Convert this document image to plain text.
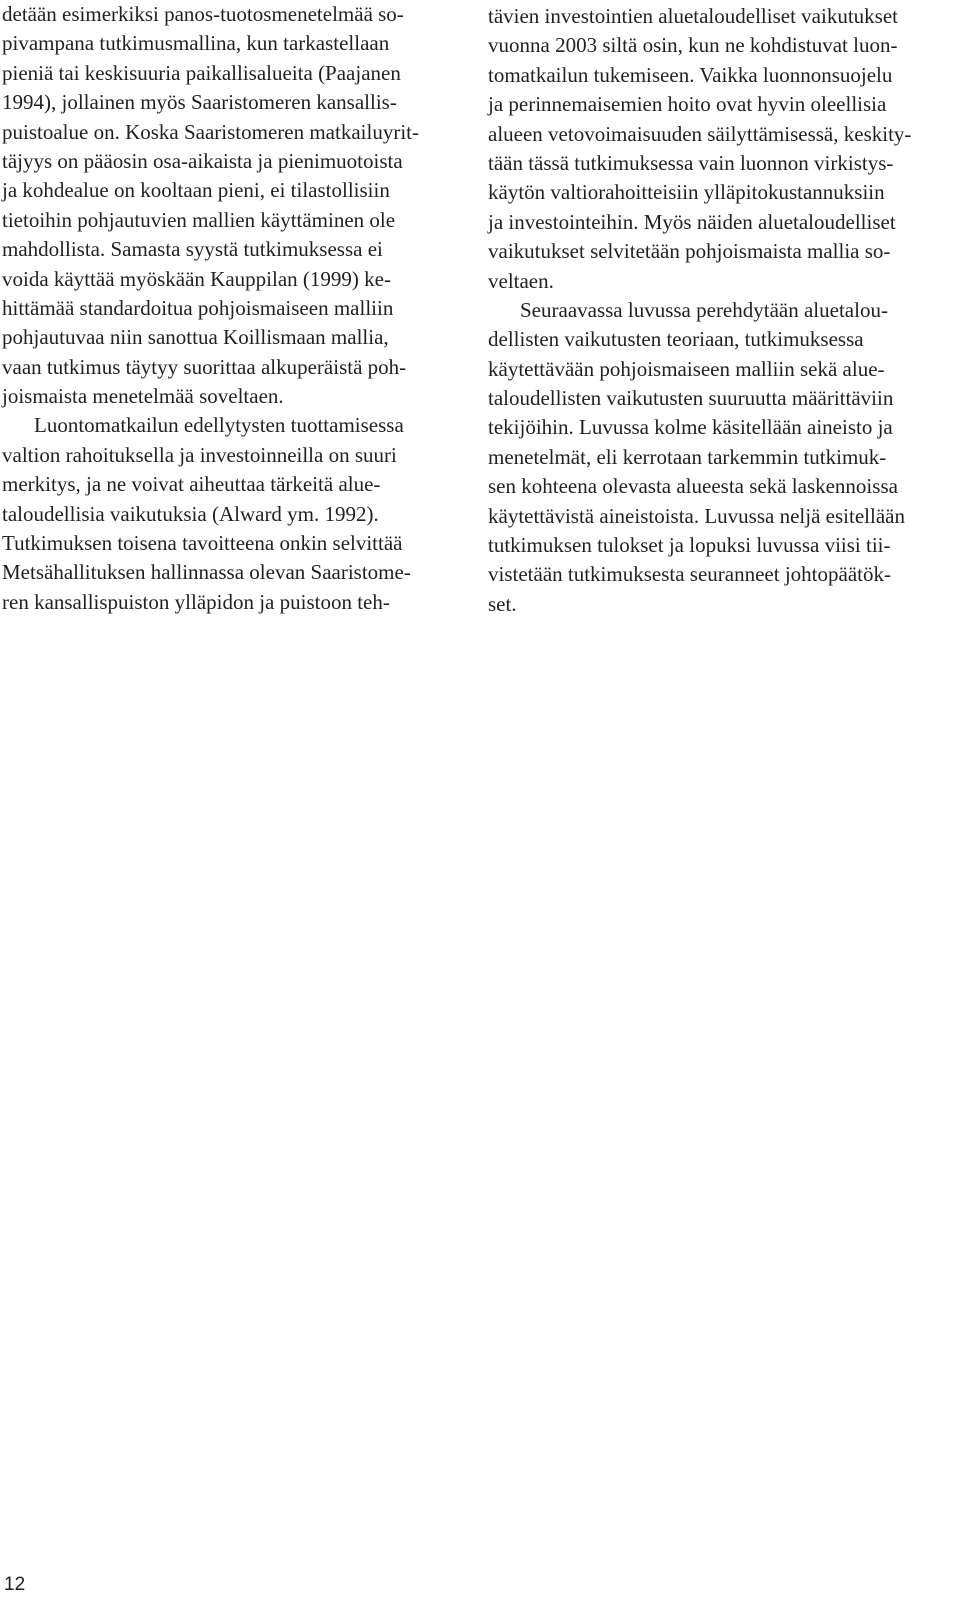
detään esimerkiksi panos-tuotosmenetelmää so-
pivampana tutkimusmallina, kun tarkastellaan
pieniä tai keskisuuria paikallisalueita (Paajanen
1994), jollainen myös Saaristomeren kansallis-
puistoalue on. Koska Saaristomeren matkailuyrit-
täjyys on pääosin osa-aikaista ja pienimuotoista
ja kohdealue on kooltaan pieni, ei tilastollisiin
tietoihin pohjautuvien mallien käyttäminen ole
mahdollista. Samasta syystä tutkimuksessa ei
voida käyttää myöskään Kauppilan (1999) ke-
hittämää standardoitua pohjoismaiseen malliin
pohjautuvaa niin sanottua Koillismaan mallia,
vaan tutkimus täytyy suorittaa alkuperäistä poh-
joismaista menetelmää soveltaen.
Luontomatkailun edellytysten tuottamisessa
valtion rahoituksella ja investoinneilla on suuri
merkitys, ja ne voivat aiheuttaa tärkeitä alue-
taloudellisia vaikutuksia (Alward ym. 1992).
Tutkimuksen toisena tavoitteena onkin selvittää
Metsähallituksen hallinnassa olevan Saaristome-
ren kansallispuiston ylläpidon ja puistoon teh-
tävien investointien aluetaloudelliset vaikutukset
vuonna 2003 siltä osin, kun ne kohdistuvat luon-
tomatkailun tukemiseen. Vaikka luonnonsuojelu
ja perinnemaisemien hoito ovat hyvin oleellisia
alueen vetovoimaisuuden säilyttämisessä, keskity-
tään tässä tutkimuksessa vain luonnon virkistys-
käytön valtiorahoitteisiin ylläpitokustannuksiin
ja investointeihin. Myös näiden aluetaloudelliset
vaikutukset selvitetään pohjoismaista mallia so-
veltaen.
Seuraavassa luvussa perehdytään aluetalou-
dellisten vaikutusten teoriaan, tutkimuksessa
käytettävään pohjoismaiseen malliin sekä alue-
taloudellisten vaikutusten suuruutta määrittäviin
tekijöihin. Luvussa kolme käsitellään aineisto ja
menetelmät, eli kerrotaan tarkemmin tutkimuk-
sen kohteena olevasta alueesta sekä laskennoissa
käytettävistä aineistoista. Luvussa neljä esitellään
tutkimuksen tulokset ja lopuksi luvussa viisi tii-
vistetään tutkimuksesta seuranneet johtopäätök-
set.
12
